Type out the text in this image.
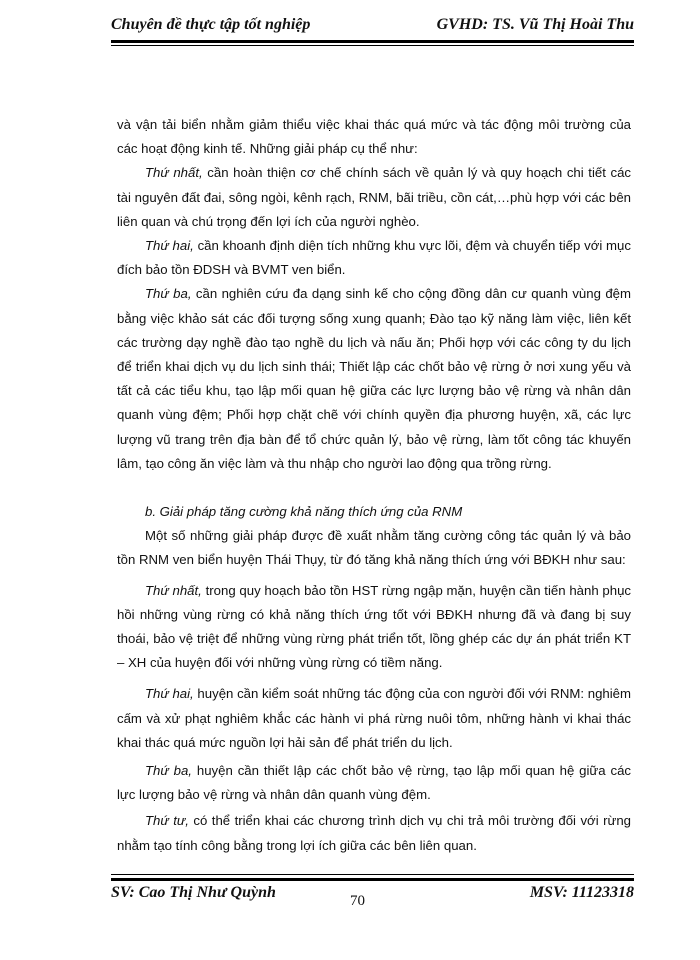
Chuyên đề thực tập tốt nghiệp	GVHD: TS. Vũ Thị Hoài Thu

và vận tải biển nhằm giảm thiểu việc khai thác quá mức và tác động môi trường của các hoạt động kinh tế. Những giải pháp cụ thể như:

Thứ nhất, cần hoàn thiện cơ chế chính sách về quản lý và quy hoạch chi tiết các tài nguyên đất đai, sông ngòi, kênh rạch, RNM, bãi triều, cồn cát,…phù hợp với các bên liên quan và chú trọng đến lợi ích của người nghèo.

Thứ hai, cần khoanh định diện tích những khu vực lõi, đệm và chuyển tiếp với mục đích bảo tồn ĐDSH và BVMT ven biển.

Thứ ba, cần nghiên cứu đa dạng sinh kế cho cộng đồng dân cư quanh vùng đệm bằng việc khảo sát các đối tượng sống xung quanh; Đào tạo kỹ năng làm việc, liên kết các trường dạy nghề đào tạo nghề du lịch và nấu ăn; Phối hợp với các công ty du lịch để triển khai dịch vụ du lịch sinh thái; Thiết lập các chốt bảo vệ rừng ở nơi xung yếu và tất cả các tiểu khu, tạo lập mối quan hệ giữa các lực lượng bảo vệ rừng và nhân dân quanh vùng đệm; Phối hợp chặt chẽ với chính quyền địa phương huyện, xã, các lực lượng vũ trang trên địa bàn để tổ chức quản lý, bảo vệ rừng, làm tốt công tác khuyến lâm, tạo công ăn việc làm và thu nhập cho người lao động qua trồng rừng.

b. Giải pháp tăng cường khả năng thích ứng của RNM

Một số những giải pháp được đề xuất nhằm tăng cường công tác quản lý và bảo tồn RNM ven biển huyện Thái Thụy, từ đó tăng khả năng thích ứng với BĐKH như sau:

Thứ nhất, trong quy hoạch bảo tồn HST rừng ngập mặn, huyện cần tiến hành phục hồi những vùng rừng có khả năng thích ứng tốt với BĐKH nhưng đã và đang bị suy thoái, bảo vệ triệt để những vùng rừng phát triển tốt, lồng ghép các dự án phát triển KT – XH của huyện đối với những vùng rừng có tiềm năng.

Thứ hai, huyện cần kiểm soát những tác động của con người đối với RNM: nghiêm cấm và xử phạt nghiêm khắc các hành vi phá rừng nuôi tôm, những hành vi khai thác khai thác quá mức nguồn lợi hải sản để phát triển du lịch.

Thứ ba, huyện cần thiết lập các chốt bảo vệ rừng, tạo lập mối quan hệ giữa các lực lượng bảo vệ rừng và nhân dân quanh vùng đệm.

Thứ tư, có thể triển khai các chương trình dịch vụ chi trả môi trường đối với rừng nhằm tạo tính công bằng trong lợi ích giữa các bên liên quan.

SV: Cao Thị Như Quỳnh	MSV: 11123318
70
